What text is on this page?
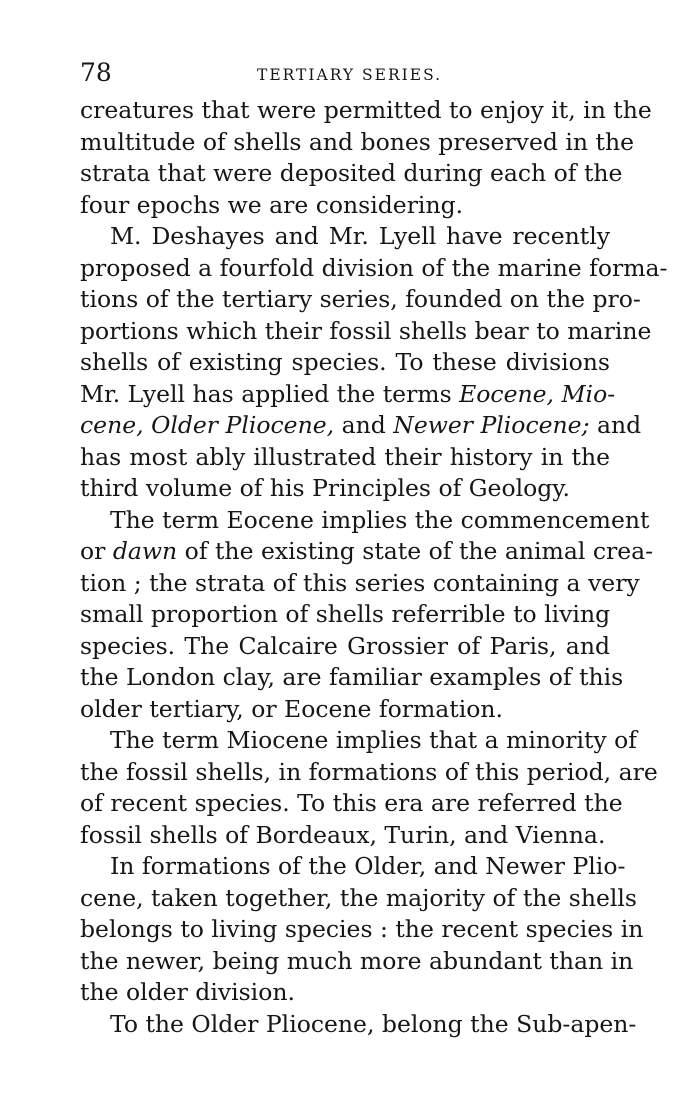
78	TERTIARY SERIES.
creatures that were permitted to enjoy it, in the
multitude of shells and bones preserved in the
strata that were deposited during each of the
four epochs we are considering.
M. Deshayes and Mr. Lyell have recently
proposed a fourfold division of the marine forma-
tions of the tertiary series, founded on the pro-
portions which their fossil shells bear to marine
shells of existing species. To these divisions
Mr. Lyell has applied the terms Eocene, Mio-
cene, Older Pliocene, and Newer Pliocene; and
has most ably illustrated their history in the
third volume of his Principles of Geology.
The term Eocene implies the commencement
or dawn of the existing state of the animal crea-
tion ; the strata of this series containing a very
small proportion of shells referrible to living
species. The Calcaire Grossier of Paris, and
the London clay, are familiar examples of this
older tertiary, or Eocene formation.
The term Miocene implies that a minority of
the fossil shells, in formations of this period, are
of recent species. To this era are referred the
fossil shells of Bordeaux, Turin, and Vienna.
In formations of the Older, and Newer Plio-
cene, taken together, the majority of the shells
belongs to living species : the recent species in
the newer, being much more abundant than in
the older division.
To the Older Pliocene, belong the Sub-apen-
